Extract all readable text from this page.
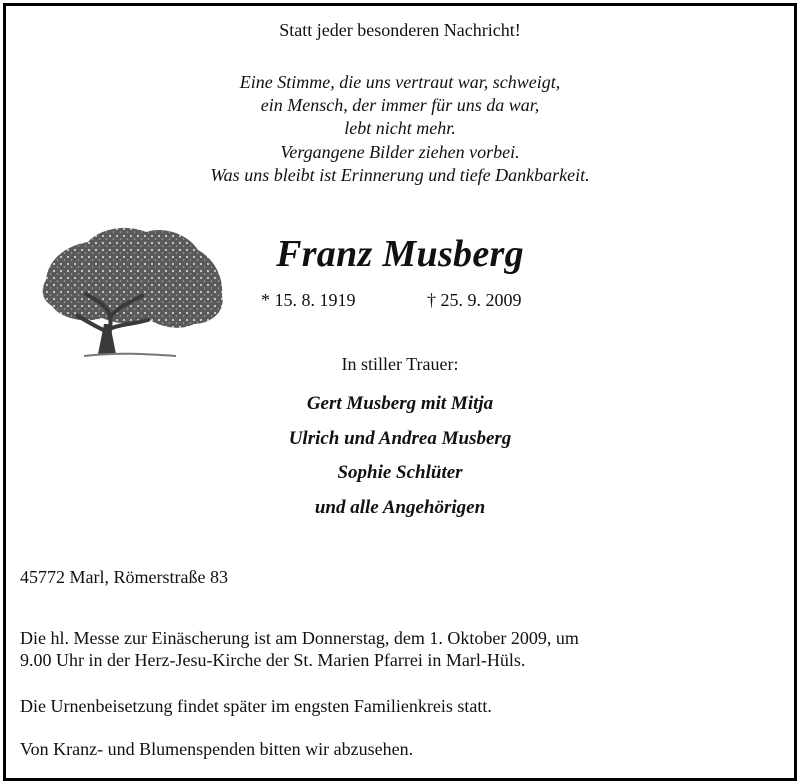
Statt jeder besonderen Nachricht!
Eine Stimme, die uns vertraut war, schweigt,
ein Mensch, der immer für uns da war,
lebt nicht mehr.
Vergangene Bilder ziehen vorbei.
Was uns bleibt ist Erinnerung und tiefe Dankbarkeit.
Franz Musberg
* 15. 8. 1919	† 25. 9. 2009
In stiller Trauer:
Gert Musberg mit Mitja
Ulrich und Andrea Musberg
Sophie Schlüter
und alle Angehörigen
45772 Marl, Römerstraße 83
Die hl. Messe zur Einäscherung ist am Donnerstag, dem 1. Oktober 2009, um
9.00 Uhr in der Herz-Jesu-Kirche der St. Marien Pfarrei in Marl-Hüls.
Die Urnenbeisetzung findet später im engsten Familienkreis statt.
Von Kranz- und Blumenspenden bitten wir abzusehen.
